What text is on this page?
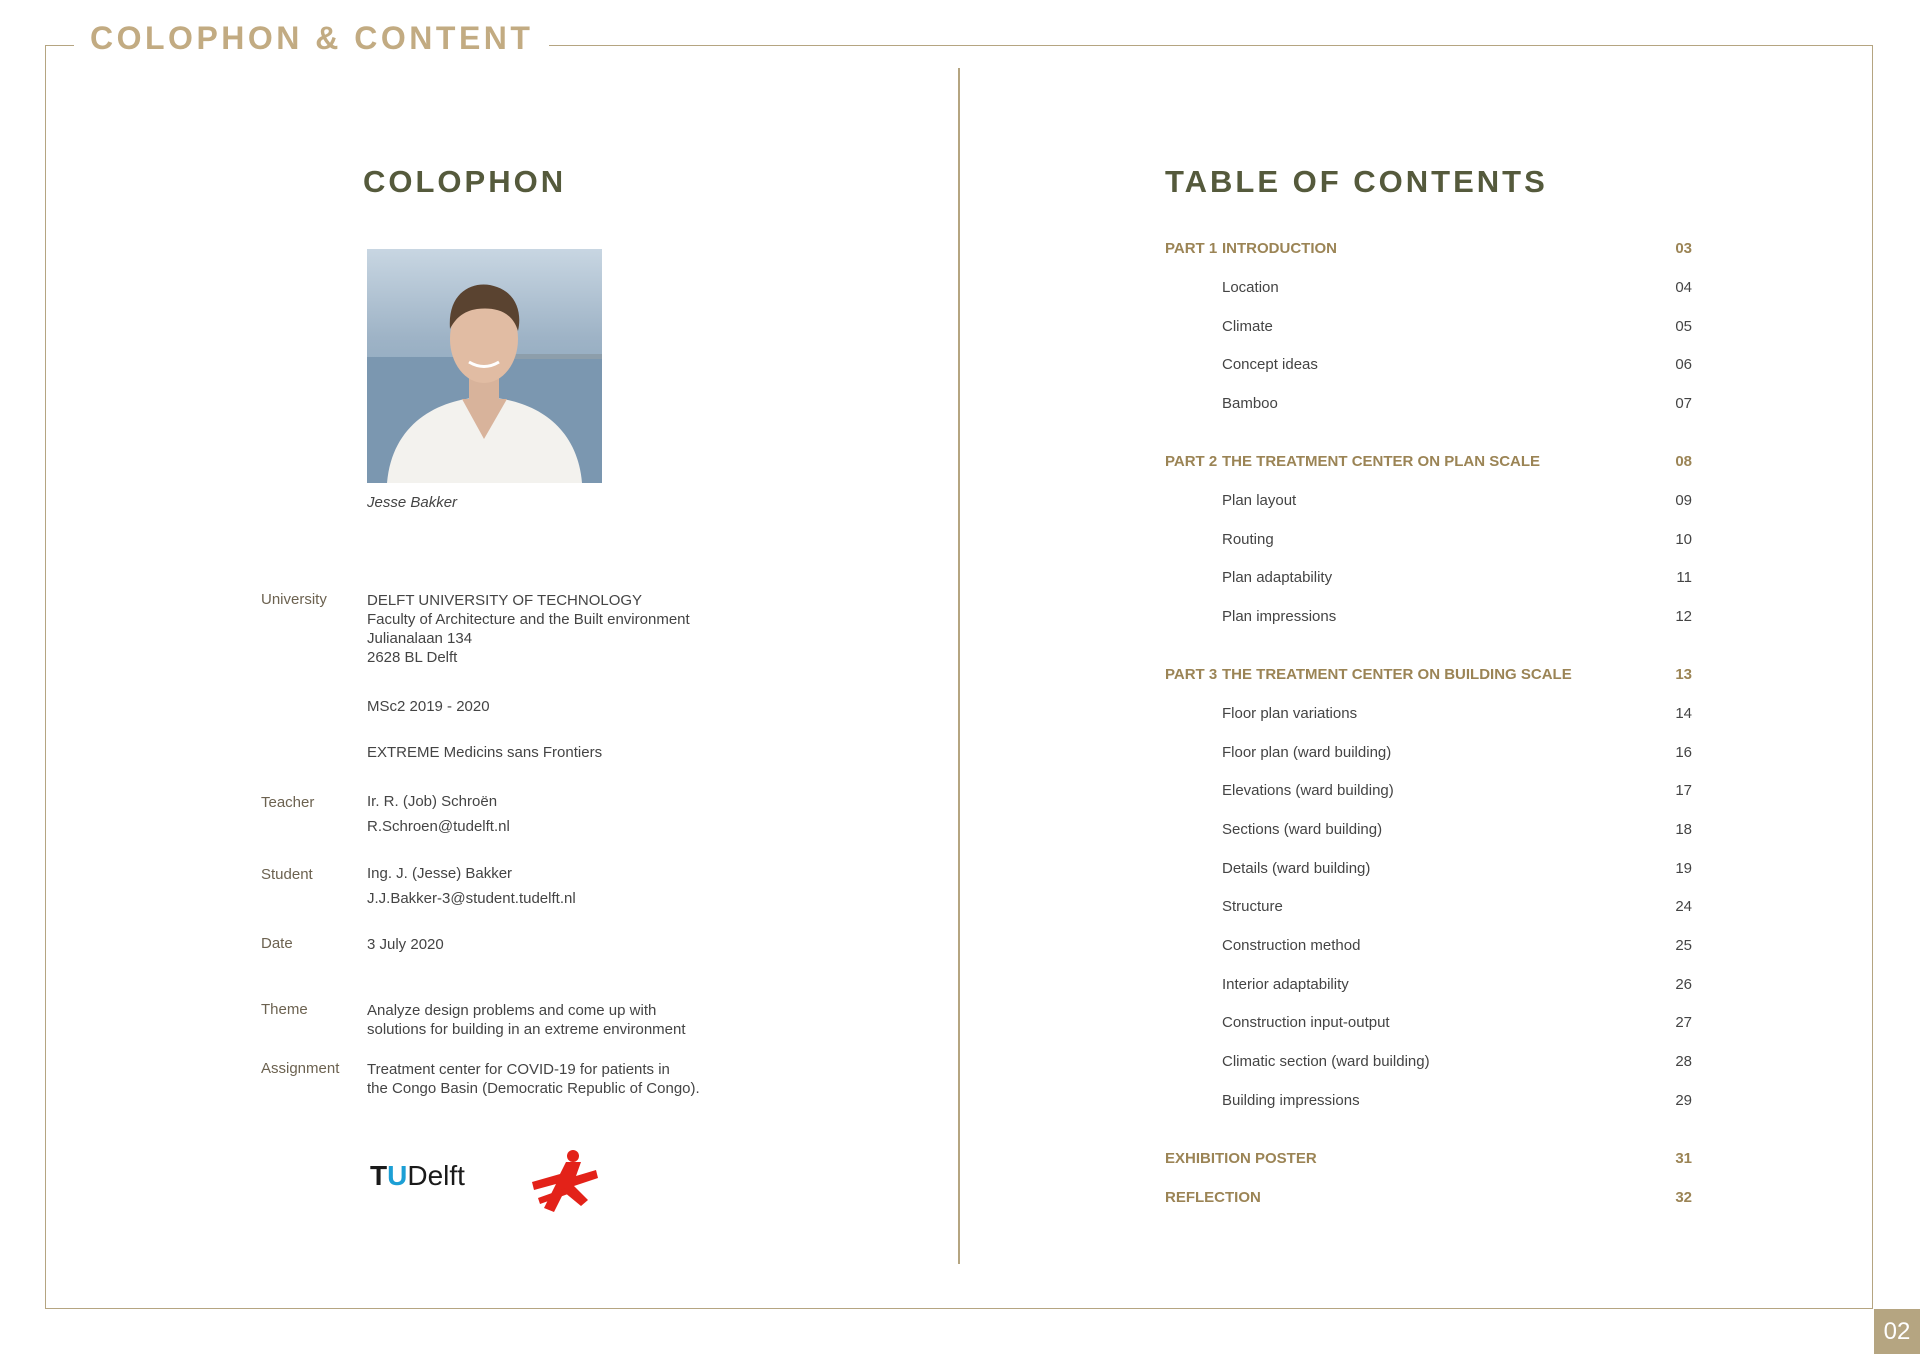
COLOPHON & CONTENT
02
COLOPHON
Jesse Bakker
University	DELFT UNIVERSITY OF TECHNOLOGY
Faculty of Architecture and the Built environment
Julianalaan 134
2628 BL Delft
MSc2 2019 - 2020
EXTREME Medicins sans Frontiers
Teacher	Ir. R. (Job) Schroën
R.Schroen@tudelft.nl
Student	Ing. J. (Jesse) Bakker
J.J.Bakker-3@student.tudelft.nl
Date	3 July 2020
Theme	Analyze design problems and come up with
solutions for building in an extreme environment
Assignment Treatment center for COVID-19 for patients in
the Congo Basin (Democratic Republic of Congo).
TUDelft
TABLE OF CONTENTS
PART 1 INTRODUCTION	03
Location	04
Climate	05
Concept ideas	06
Bamboo	07
PART 2 THE TREATMENT CENTER ON PLAN SCALE	08
Plan layout	09
Routing	10
Plan adaptability	11
Plan impressions	12
PART 3 THE TREATMENT CENTER ON BUILDING SCALE	13
Floor plan variations	14
Floor plan (ward building)	16
Elevations (ward building)	17
Sections (ward building)	18
Details (ward building)	19
Structure	24
Construction method	25
Interior adaptability	26
Construction input-output	27
Climatic section (ward building)	28
Building impressions	29
EXHIBITION POSTER	31
REFLECTION	32
